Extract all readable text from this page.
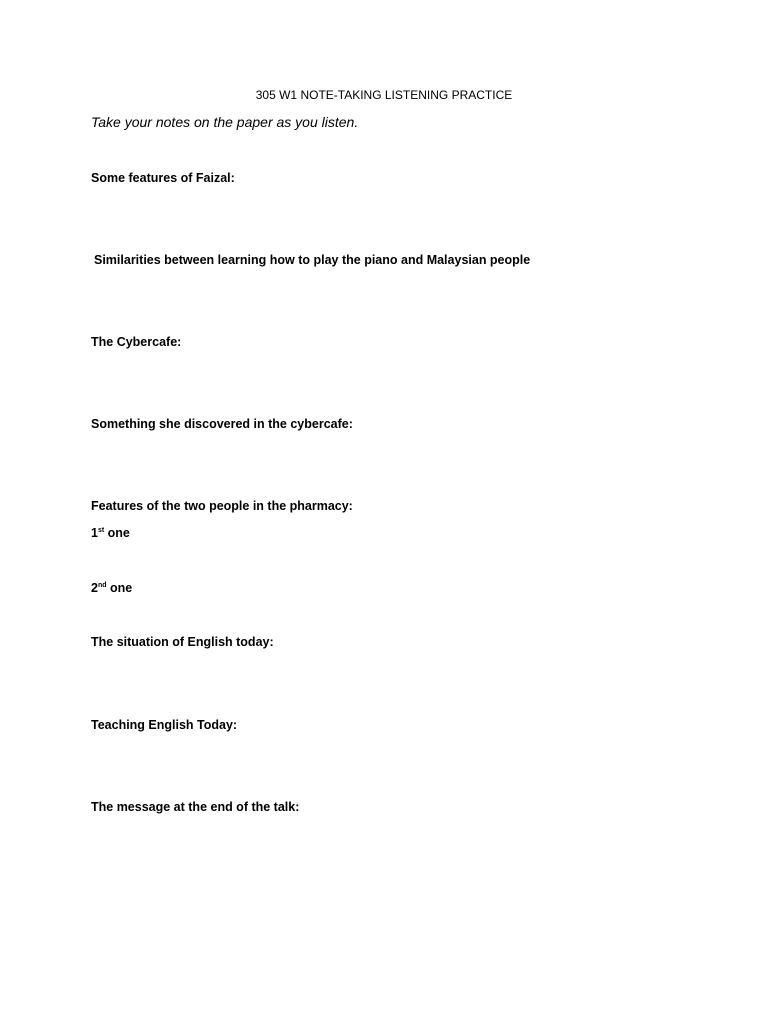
305 W1 NOTE-TAKING LISTENING PRACTICE
Take your notes on the paper as you listen.
Some features of Faizal:
Similarities between learning how to play the piano and Malaysian people
The Cybercafe:
Something she discovered in the cybercafe:
Features of the two people in the pharmacy:
1st one
2nd one
The situation of English today:
Teaching English Today:
The message at the end of the talk:
